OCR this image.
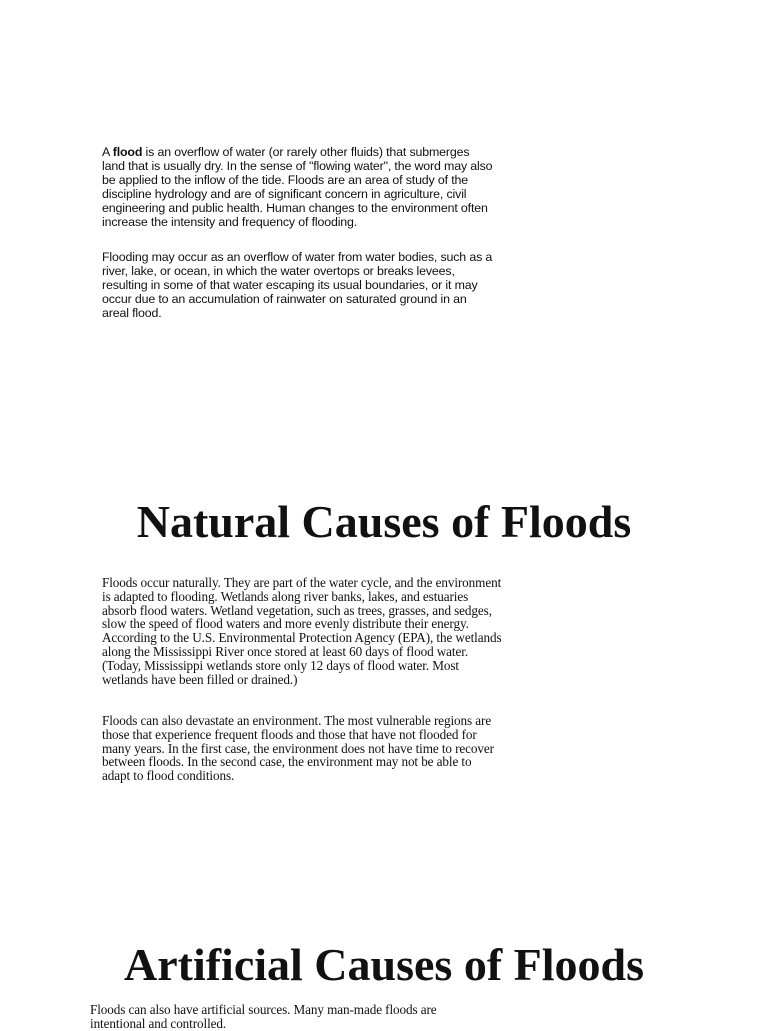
A flood is an overflow of water (or rarely other fluids) that submerges land that is usually dry. In the sense of "flowing water", the word may also be applied to the inflow of the tide. Floods are an area of study of the discipline hydrology and are of significant concern in agriculture, civil engineering and public health. Human changes to the environment often increase the intensity and frequency of flooding.

Flooding may occur as an overflow of water from water bodies, such as a river, lake, or ocean, in which the water overtops or breaks levees, resulting in some of that water escaping its usual boundaries, or it may occur due to an accumulation of rainwater on saturated ground in an areal flood.

Natural Causes of Floods

Floods occur naturally. They are part of the water cycle, and the environment is adapted to flooding. Wetlands along river banks, lakes, and estuaries absorb flood waters. Wetland vegetation, such as trees, grasses, and sedges, slow the speed of flood waters and more evenly distribute their energy. According to the U.S. Environmental Protection Agency (EPA), the wetlands along the Mississippi River once stored at least 60 days of flood water. (Today, Mississippi wetlands store only 12 days of flood water. Most wetlands have been filled or drained.)

Floods can also devastate an environment. The most vulnerable regions are those that experience frequent floods and those that have not flooded for many years. In the first case, the environment does not have time to recover between floods. In the second case, the environment may not be able to adapt to flood conditions.

Artificial Causes of Floods

Floods can also have artificial sources. Many man-made floods are intentional and controlled.
